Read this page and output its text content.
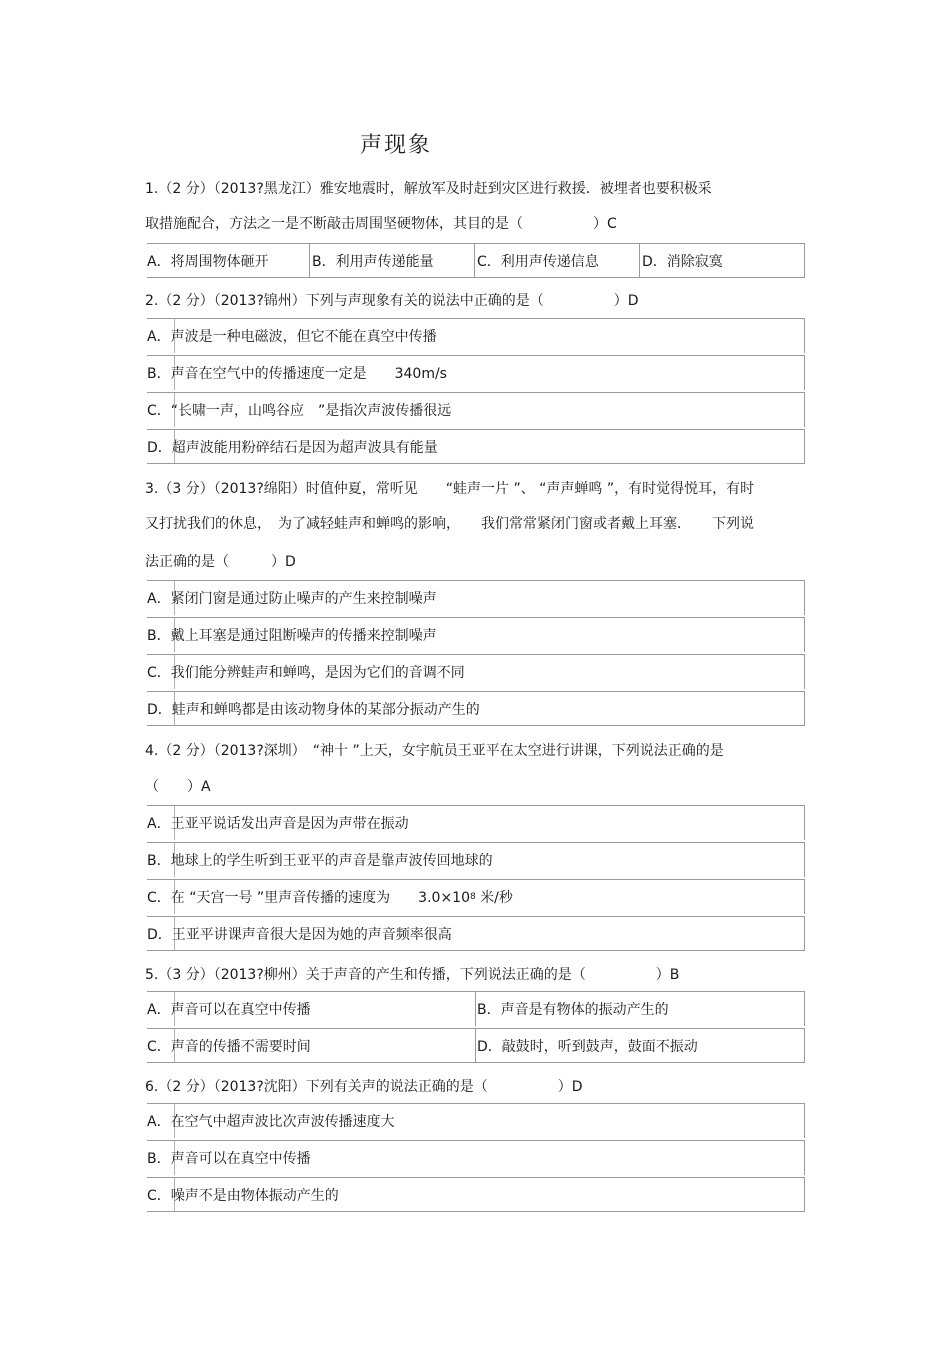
声现象
1.（2 分）（2013?黑龙江）雅安地震时，解放军及时赶到灾区进行救援．被埋者也要积极采
取措施配合，方法之一是不断敲击周围坚硬物体，其目的是（　　　　　）C
A．将周围物体砸开	B．利用声传递能量	C．利用声传递信息	D．消除寂寞
2.（2 分）（2013?锦州）下列与声现象有关的说法中正确的是（　　　　　）D
A．声波是一种电磁波，但它不能在真空中传播
B．声音在空气中的传播速度一定是　　340m/s
C．“长啸一声，山鸣谷应　”是指次声波传播很远
D．超声波能用粉碎结石是因为超声波具有能量
3.（3 分）（2013?绵阳）时值仲夏，常听见　　“蛙声一片 ”、 “声声蝉鸣 ”，有时觉得悦耳，有时
又打扰我们的休息，　为了减轻蛙声和蝉鸣的影响，　　我们常常紧闭门窗或者戴上耳塞．　　下列说
法正确的是（　　　）D
A．紧闭门窗是通过防止噪声的产生来控制噪声
B．戴上耳塞是通过阻断噪声的传播来控制噪声
C．我们能分辨蛙声和蝉鸣，是因为它们的音调不同
D．蛙声和蝉鸣都是由该动物身体的某部分振动产生的
4.（2 分）（2013?深圳）　“神十 ”上天，女宇航员王亚平在太空进行讲课，下列说法正确的是
（　　）A
A．王亚平说话发出声音是因为声带在振动
B．地球上的学生听到王亚平的声音是靠声波传回地球的
C．在 “天宫一号 ”里声音传播的速度为　　3.0×10 8 米/秒
D．王亚平讲课声音很大是因为她的声音频率很高
5.（3 分）（2013?柳州）关于声音的产生和传播，下列说法正确的是（　　　　　）B
A．声音可以在真空中传播	B．声音是有物体的振动产生的
C．声音的传播不需要时间	D．敲鼓时，听到鼓声，鼓面不振动
6.（2 分）（2013?沈阳）下列有关声的说法正确的是（　　　　　）D
A．在空气中超声波比次声波传播速度大
B．声音可以在真空中传播
C．噪声不是由物体振动产生的
